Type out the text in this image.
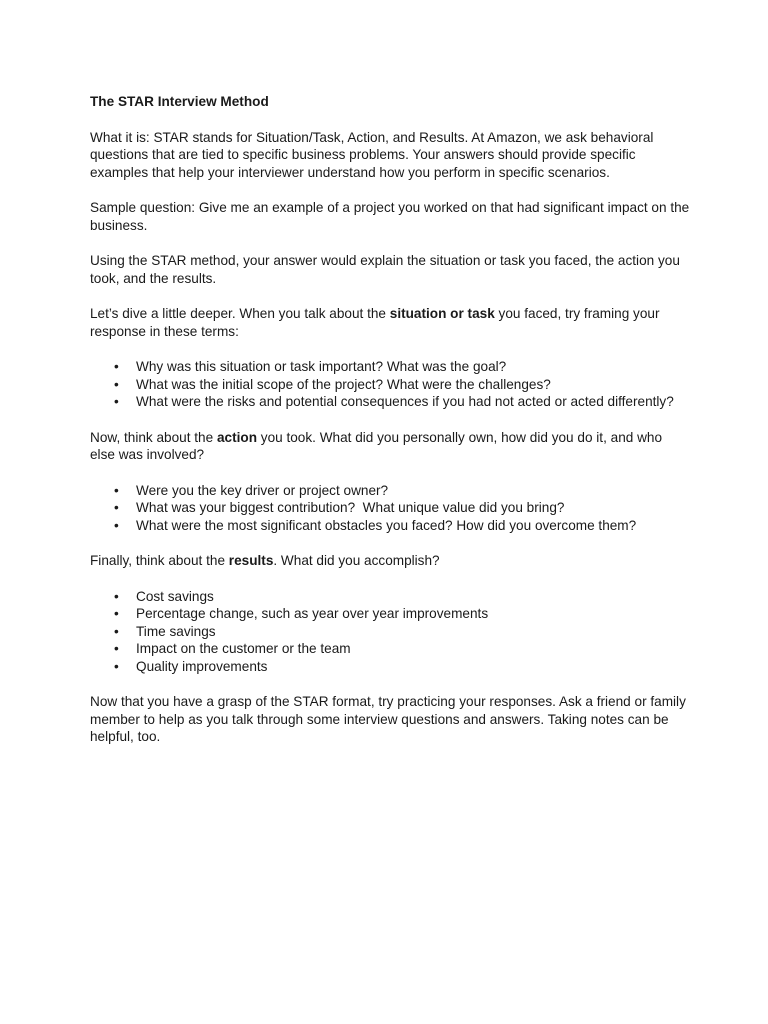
The STAR Interview Method

What it is: STAR stands for Situation/Task, Action, and Results. At Amazon, we ask behavioral questions that are tied to specific business problems. Your answers should provide specific examples that help your interviewer understand how you perform in specific scenarios.

Sample question: Give me an example of a project you worked on that had significant impact on the business.

Using the STAR method, your answer would explain the situation or task you faced, the action you took, and the results.

Let’s dive a little deeper. When you talk about the situation or task you faced, try framing your response in these terms:

• Why was this situation or task important? What was the goal?
• What was the initial scope of the project? What were the challenges?
• What were the risks and potential consequences if you had not acted or acted differently?

Now, think about the action you took. What did you personally own, how did you do it, and who else was involved?

• Were you the key driver or project owner?
• What was your biggest contribution?  What unique value did you bring?
• What were the most significant obstacles you faced? How did you overcome them?

Finally, think about the results. What did you accomplish?

• Cost savings
• Percentage change, such as year over year improvements
• Time savings
• Impact on the customer or the team
• Quality improvements

Now that you have a grasp of the STAR format, try practicing your responses. Ask a friend or family member to help as you talk through some interview questions and answers. Taking notes can be helpful, too.
